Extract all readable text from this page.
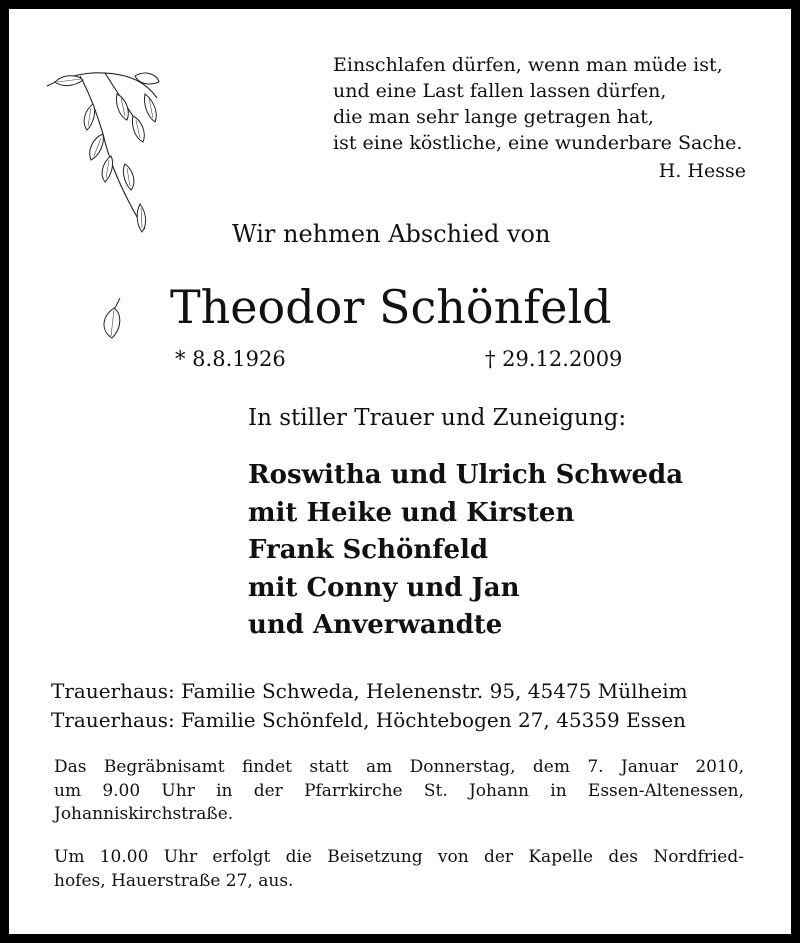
Einschlafen dürfen, wenn man müde ist,
und eine Last fallen lassen dürfen,
die man sehr lange getragen hat,
ist eine köstliche, eine wunderbare Sache.
H. Hesse
Wir nehmen Abschied von
Theodor Schönfeld
* 8.8.1926	† 29.12.2009
In stiller Trauer und Zuneigung:
Roswitha und Ulrich Schweda
mit Heike und Kirsten
Frank Schönfeld
mit Conny und Jan
und Anverwandte
Trauerhaus: Familie Schweda, Helenenstr. 95, 45475 Mülheim
Trauerhaus: Familie Schönfeld, Höchtebogen 27, 45359 Essen
Das Begräbnisamt findet statt am Donnerstag, dem 7. Januar 2010,
um 9.00 Uhr in der Pfarrkirche St. Johann in Essen-Altenessen,
Johanniskirchstraße.
Um 10.00 Uhr erfolgt die Beisetzung von der Kapelle des Nordfried-
hofes, Hauerstraße 27, aus.
